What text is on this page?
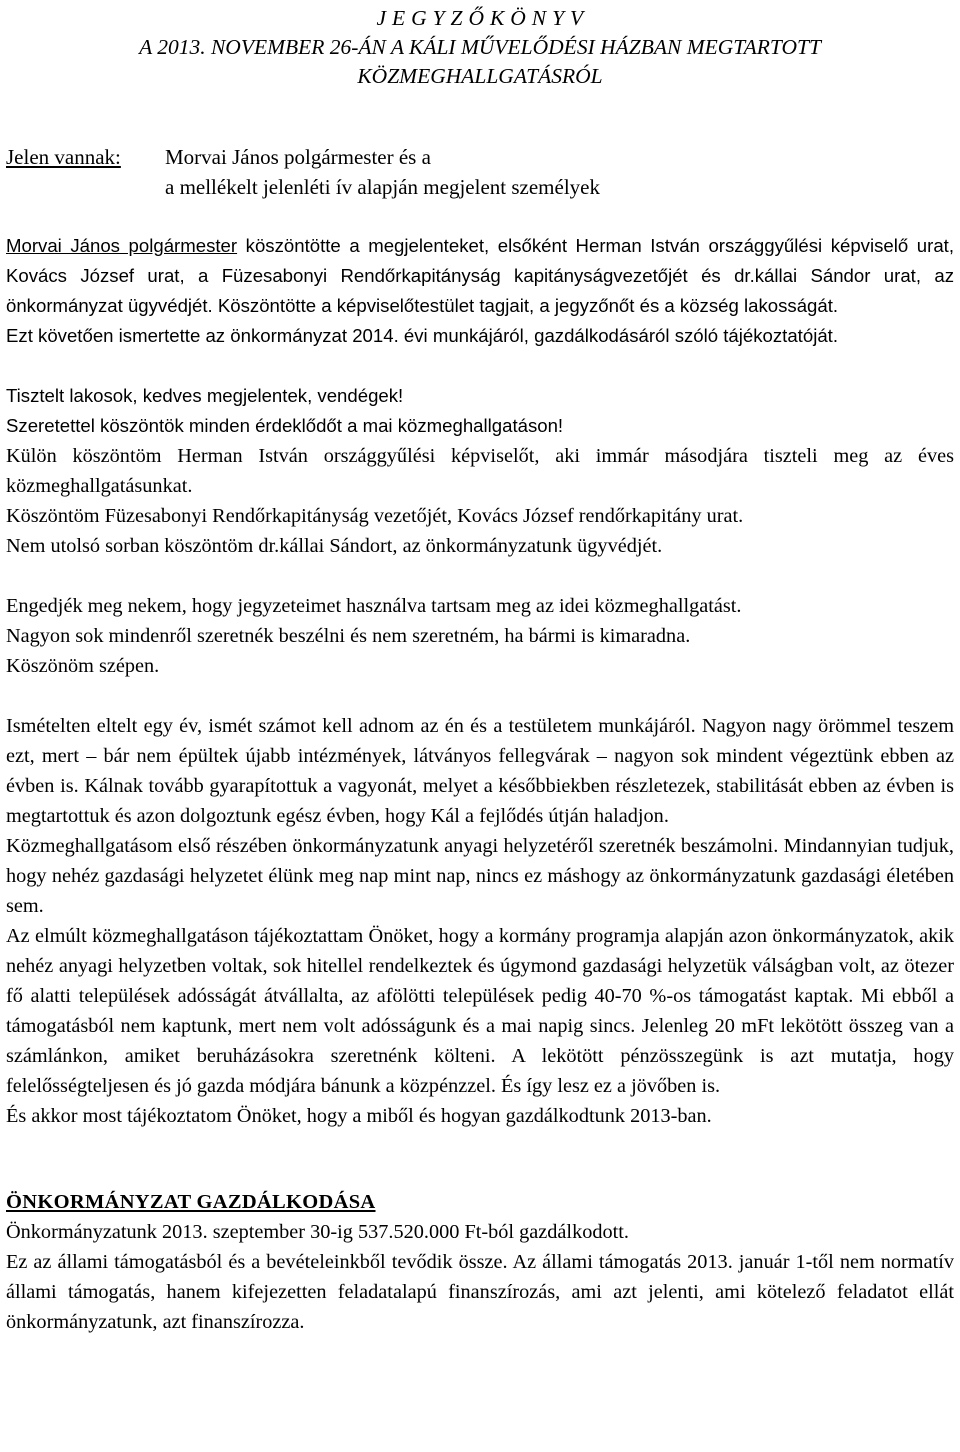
J E G Y Z Ő K Ö N Y V
A 2013. NOVEMBER 26-ÁN A KÁLI MŰVELŐDÉSI HÁZBAN MEGTARTOTT
KÖZMEGHALLGATÁSRÓL
Jelen vannak:	Morvai János polgármester és a
a mellékelt jelenléti ív alapján megjelent személyek

Morvai János polgármester köszöntötte a megjelenteket, elsőként Herman István országgyűlési képviselő urat, Kovács József urat, a Füzesabonyi Rendőrkapitányság kapitányságvezetőjét és dr.kállai Sándor urat, az önkormányzat ügyvédjét. Köszöntötte a képviselőtestület tagjait, a jegyzőnőt és a község lakosságát.

Ezt követően ismertette az önkormányzat 2014. évi munkájáról, gazdálkodásáról szóló tájékoztatóját.

Tisztelt lakosok, kedves megjelentek, vendégek!

Szeretettel köszöntök minden érdeklődőt a mai közmeghallgatáson!

Külön köszöntöm Herman István országgyűlési képviselőt, aki immár másodjára tiszteli meg az éves közmeghallgatásunkat.

Köszöntöm Füzesabonyi Rendőrkapitányság vezetőjét, Kovács József rendőrkapitány urat.

Nem utolsó sorban köszöntöm dr.kállai Sándort, az önkormányzatunk ügyvédjét.

Engedjék meg nekem, hogy jegyzeteimet használva tartsam meg az idei közmeghallgatást.

Nagyon sok mindenről szeretnék beszélni és nem szeretném, ha bármi is kimaradna.

Köszönöm szépen.

Ismételten eltelt egy év, ismét számot kell adnom az én és a testületem munkájáról. Nagyon nagy örömmel teszem ezt, mert – bár nem épültek újabb intézmények, látványos fellegvárak – nagyon sok mindent végeztünk ebben az évben is. Kálnak tovább gyarapítottuk a vagyonát, melyet a későbbiekben részletezek, stabilitását ebben az évben is megtartottuk és azon dolgoztunk egész évben, hogy Kál a fejlődés útján haladjon.

Közmeghallgatásom első részében önkormányzatunk anyagi helyzetéről szeretnék beszámolni. Mindannyian tudjuk, hogy nehéz gazdasági helyzetet élünk meg nap mint nap, nincs ez máshogy az önkormányzatunk gazdasági életében sem.

Az elmúlt közmeghallgatáson tájékoztattam Önöket, hogy a kormány programja alapján azon önkormányzatok, akik nehéz anyagi helyzetben voltak, sok hitellel rendelkeztek és úgymond gazdasági helyzetük válságban volt, az ötezer fő alatti települések adósságát átvállalta, az afölötti települések pedig 40-70 %-os támogatást kaptak. Mi ebből a támogatásból nem kaptunk, mert nem volt adósságunk és a mai napig sincs. Jelenleg 20 mFt lekötött összeg van a számlánkon, amiket beruházásokra szeretnénk költeni. A lekötött pénzösszegünk is azt mutatja, hogy felelősségteljesen és jó gazda módjára bánunk a közpénzzel. És így lesz ez a jövőben is.

És akkor most tájékoztatom Önöket, hogy a miből és hogyan gazdálkodtunk 2013-ban.

ÖNKORMÁNYZAT GAZDÁLKODÁSA

Önkormányzatunk 2013. szeptember 30-ig 537.520.000 Ft-ból gazdálkodott.

Ez az állami támogatásból és a bevételeinkből tevődik össze. Az állami támogatás 2013. január 1-től nem normatív állami támogatás, hanem kifejezetten feladatalapú finanszírozás, ami azt jelenti, ami kötelező feladatot ellát önkormányzatunk, azt finanszírozza.
